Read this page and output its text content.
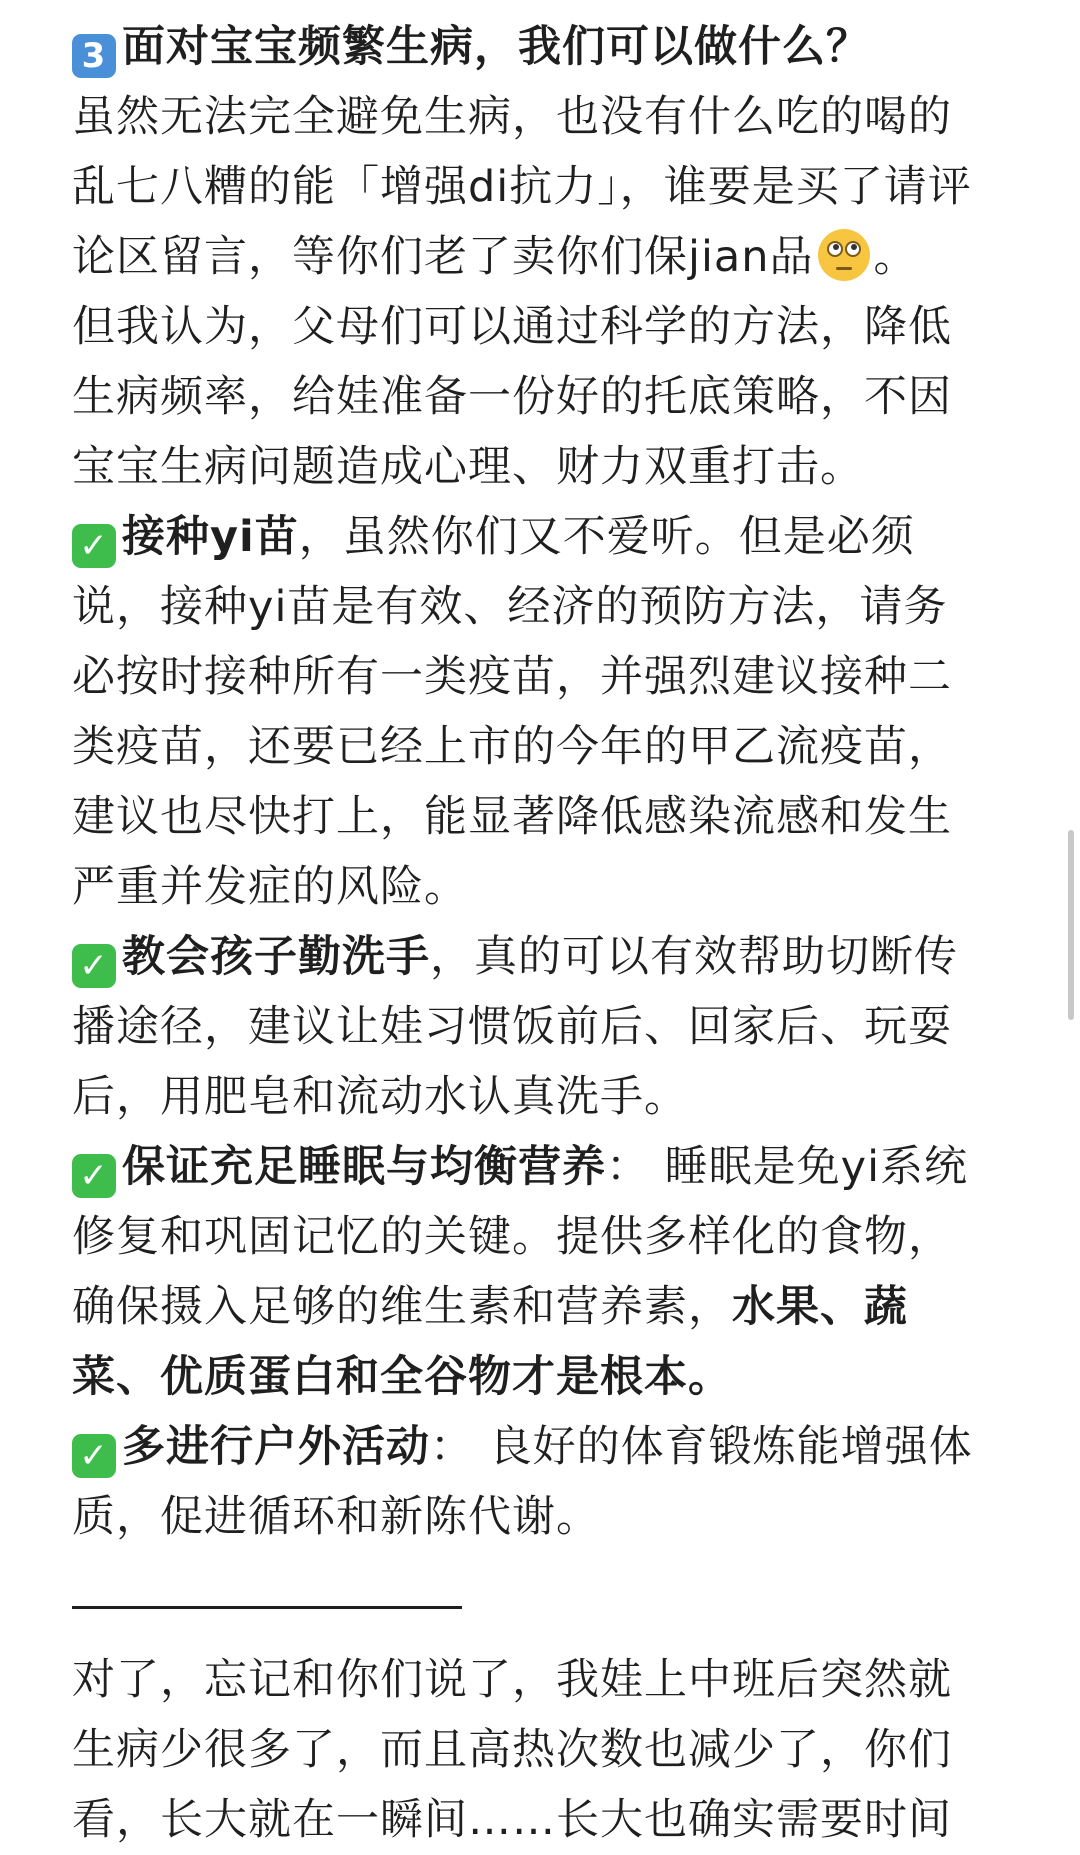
3 面对宝宝频繁生病，我们可以做什么？
虽然无法完全避免生病，也没有什么吃的喝的
乱七八糟的能「增强di抗力」，谁要是买了请评
论区留言，等你们老了卖你们保jian品 。
但我认为，父母们可以通过科学的方法，降低
生病频率，给娃准备一份好的托底策略，不因
宝宝生病问题造成心理、财力双重打击。
✓ 接种yi苗，虽然你们又不爱听。但是必须
说，接种yi苗是有效、经济的预防方法，请务
必按时接种所有一类疫苗，并强烈建议接种二
类疫苗，还要已经上市的今年的甲乙流疫苗，
建议也尽快打上，能显著降低感染流感和发生
严重并发症的风险。
✓ 教会孩子勤洗手，真的可以有效帮助切断传
播途径，建议让娃习惯饭前后、回家后、玩耍
后，用肥皂和流动水认真洗手。
✓ 保证充足睡眠与均衡营养： 睡眠是免yi系统
修复和巩固记忆的关键。提供多样化的食物，
确保摄入足够的维生素和营养素，水果、蔬
菜、优质蛋白和全谷物才是根本。
✓ 多进行户外活动： 良好的体育锻炼能增强体
质，促进循环和新陈代谢。
对了，忘记和你们说了，我娃上中班后突然就
生病少很多了，而且高热次数也减少了，你们
看，长大就在一瞬间……长大也确实需要时间
